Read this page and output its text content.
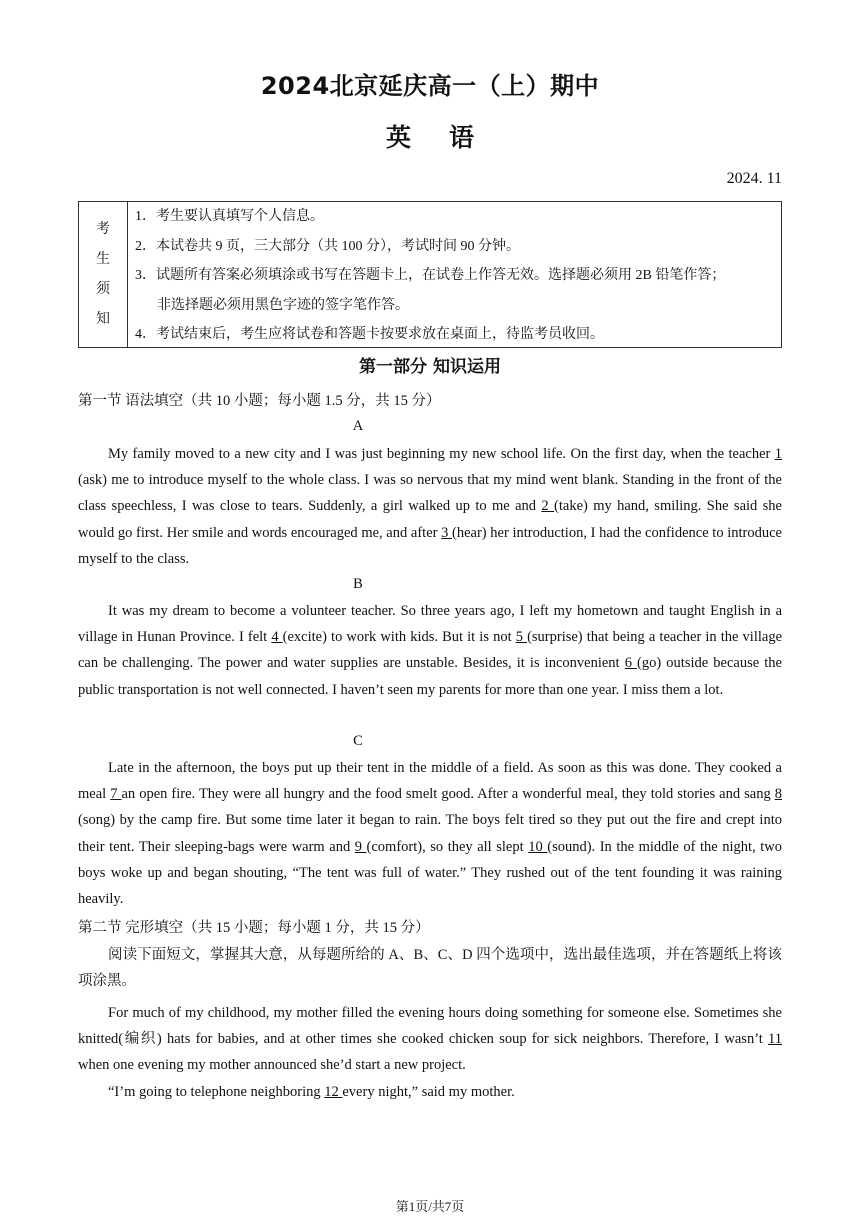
2024北京延庆高一（上）期中
英语
2024. 11
考
生
须
知
1．考生要认真填写个人信息。
2．本试卷共 9 页，三大部分（共 100 分），考试时间 90 分钟。
3．试题所有答案必须填涂或书写在答题卡上，在试卷上作答无效。选择题必须用 2B 铅笔作答；
非选择题必须用黑色字迹的签字笔作答。
4．考试结束后，考生应将试卷和答题卡按要求放在桌面上，待监考员收回。
第一部分 知识运用
第一节 语法填空（共 10 小题；每小题 1.5 分，共 15 分）
A

My family moved to a new city and I was just beginning my new school life. On the first day, when the teacher 1 (ask) me to introduce myself to the whole class. I was so nervous that my mind went blank. Standing in the front of the class speechless, I was close to tears. Suddenly, a girl walked up to me and 2 (take) my hand, smiling. She said she would go first. Her smile and words encouraged me, and after 3 (hear) her introduction, I had the confidence to introduce myself to the class.

B

It was my dream to become a volunteer teacher. So three years ago, I left my hometown and taught English in a village in Hunan Province. I felt 4 (excite) to work with kids. But it is not 5 (surprise) that being a teacher in the village can be challenging. The power and water supplies are unstable. Besides, it is inconvenient 6 (go) outside because the public transportation is not well connected. I haven’t seen my parents for more than one year. I miss them a lot.

C

Late in the afternoon, the boys put up their tent in the middle of a field. As soon as this was done. They cooked a meal 7 an open fire. They were all hungry and the food smelt good. After a wonderful meal, they told stories and sang 8 (song) by the camp fire. But some time later it began to rain. The boys felt tired so they put out the fire and crept into their tent. Their sleeping-bags were warm and 9 (comfort), so they all slept 10 (sound). In the middle of the night, two boys woke up and began shouting, “The tent was full of water.” They rushed out of the tent founding it was raining heavily.

第二节 完形填空（共 15 小题；每小题 1 分，共 15 分）

阅读下面短文，掌握其大意，从每题所给的 A、B、C、D 四个选项中，选出最佳选项，并在答题纸上将该项涂黑。

For much of my childhood, my mother filled the evening hours doing something for someone else. Sometimes she knitted(编织) hats for babies, and at other times she cooked chicken soup for sick neighbors. Therefore, I wasn’t 11 when one evening my mother announced she’d start a new project.

“I’m going to telephone neighboring 12 every night,” said my mother.

第1页/共7页
